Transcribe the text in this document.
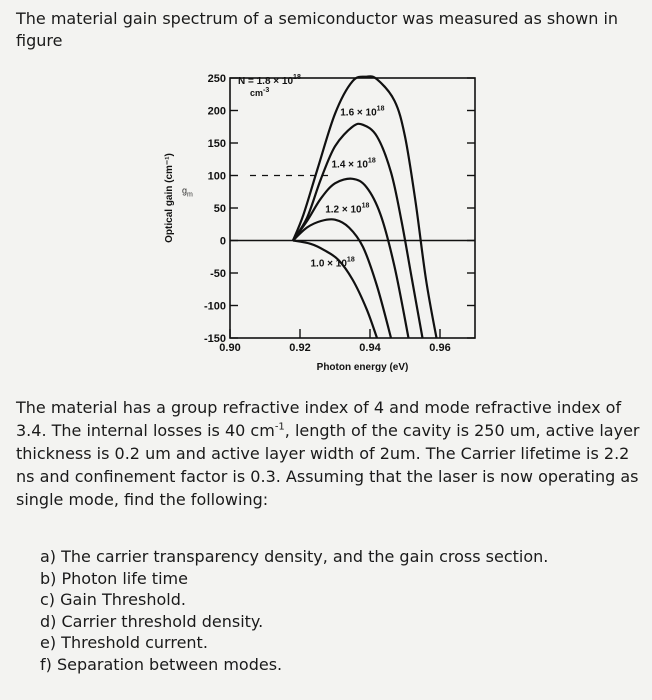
The material gain spectrum of a semiconductor was measured as shown in figure

250
200
150
100
50
0
-50
-100
-150
0.90	0.92	0.94	0.96
Photon energy (eV)
Optical gain (cm⁻¹) $g_m$
$N = 1.8 \times 10^{18}$
$cm^{-3}$
$1.6 \times 10^{18}$
$1.4 \times 10^{18}$
$1.2 \times 10^{18}$
$1.0 \times 10^{18}$

The material has a group refractive index of 4 and mode refractive index of 3.4. The internal losses is 40 $cm^{-1}$, length of the cavity is 250 um, active layer thickness is 0.2 um and active layer width of 2um. The Carrier lifetime is 2.2 ns and confinement factor is 0.3. Assuming that the laser is now operating as single mode, find the following:

a) The carrier transparency density, and the gain cross section.
b) Photon life time
c) Gain Threshold.
d) Carrier threshold density.
e) Threshold current.
f) Separation between modes.
